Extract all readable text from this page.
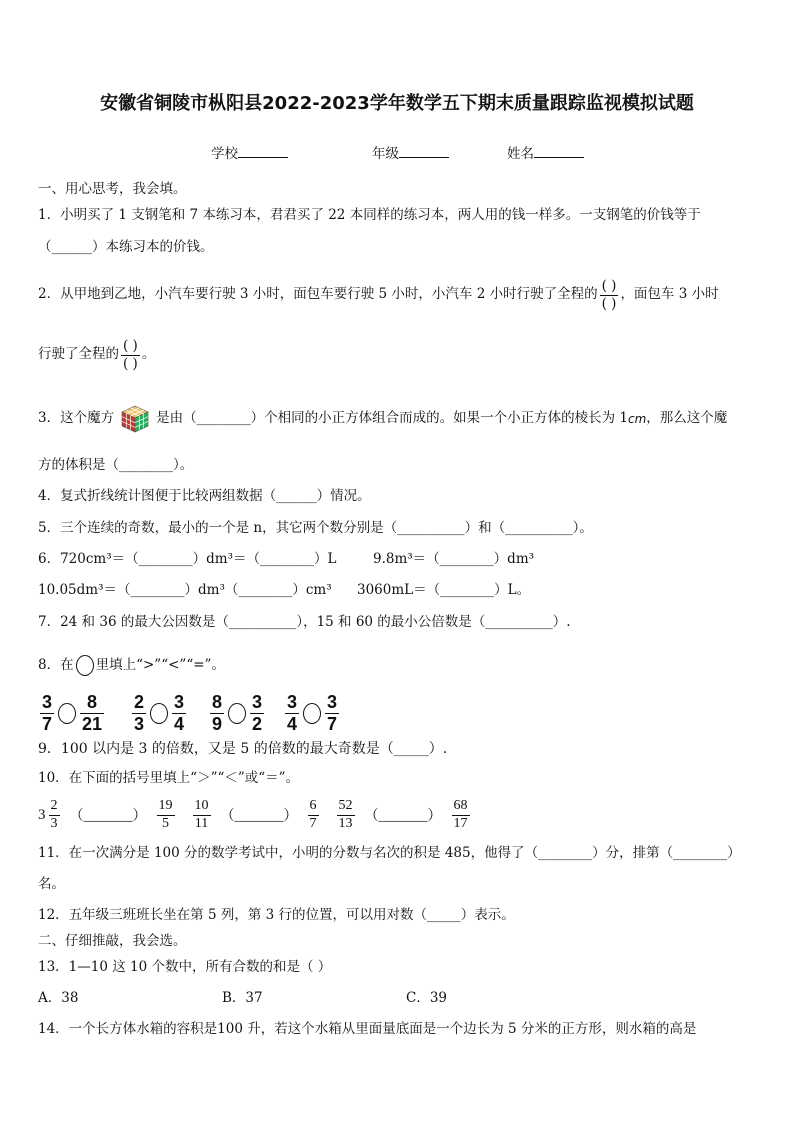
安徽省铜陵市枞阳县2022-2023学年数学五下期末质量跟踪监视模拟试题
学校	年级	姓名
一、用心思考，我会填。
1．小明买了 1 支钢笔和 7 本练习本，君君买了 22 本同样的练习本，两人用的钱一样多。一支钢笔的价钱等于
（______）本练习本的价钱。
2．从甲地到乙地，小汽车要行驶 3 小时，面包车要行驶 5 小时，小汽车 2 小时行驶了全程的 $\frac{( )}{( )}$ ，面包车 3 小时
行驶了全程的 $\frac{( )}{( )}$ 。
3．这个魔方	是由（________）个相同的小正方体组合而成的。如果一个小正方体的棱长为 1 cm ，那么这个魔
方的体积是（________）。
4．复式折线统计图便于比较两组数据（______）情况。
5．三个连续的奇数，最小的一个是 n，其它两个数分别是（__________）和（__________）。
6．720cm³＝（________）dm³＝（________）L	9.8m³＝（________）dm³
10.05dm³＝（________）dm³（________）cm³ 3060mL＝（________）L。
7．24 和 36 的最大公因数是（__________），15 和 60 的最小公倍数是（__________）.
8．在 里填上“>”“<”“=”。
$\frac{3}{7} \frac{8}{21} \frac{2}{3} \frac{3}{4} \frac{8}{9} \frac{3}{2} \frac{3}{4} \frac{3}{7}$
9．100 以内是 3 的倍数，又是 5 的倍数的最大奇数是（_____）.
10．在下面的括号里填上“＞”“＜”或“＝”。
$3 \frac{2}{3}$ （_______） $\frac{19}{5} \frac{10}{11}$ （_______） $\frac{6}{7} \frac{52}{13}$ （_______） $\frac{68}{17}$
11．在一次满分是 100 分的数学考试中，小明的分数与名次的积是 485，他得了（________）分，排第（________）
名。
12．五年级三班班长坐在第 5 列，第 3 行的位置，可以用对数（_____）表示。
二、仔细推敲，我会选。
13．1—10 这 10 个数中，所有合数的和是（ ）
A．38	B．37	C．39
14．一个长方体水箱的容积是100 升，若这个水箱从里面量底面是一个边长为 5 分米的正方形，则水箱的高是
